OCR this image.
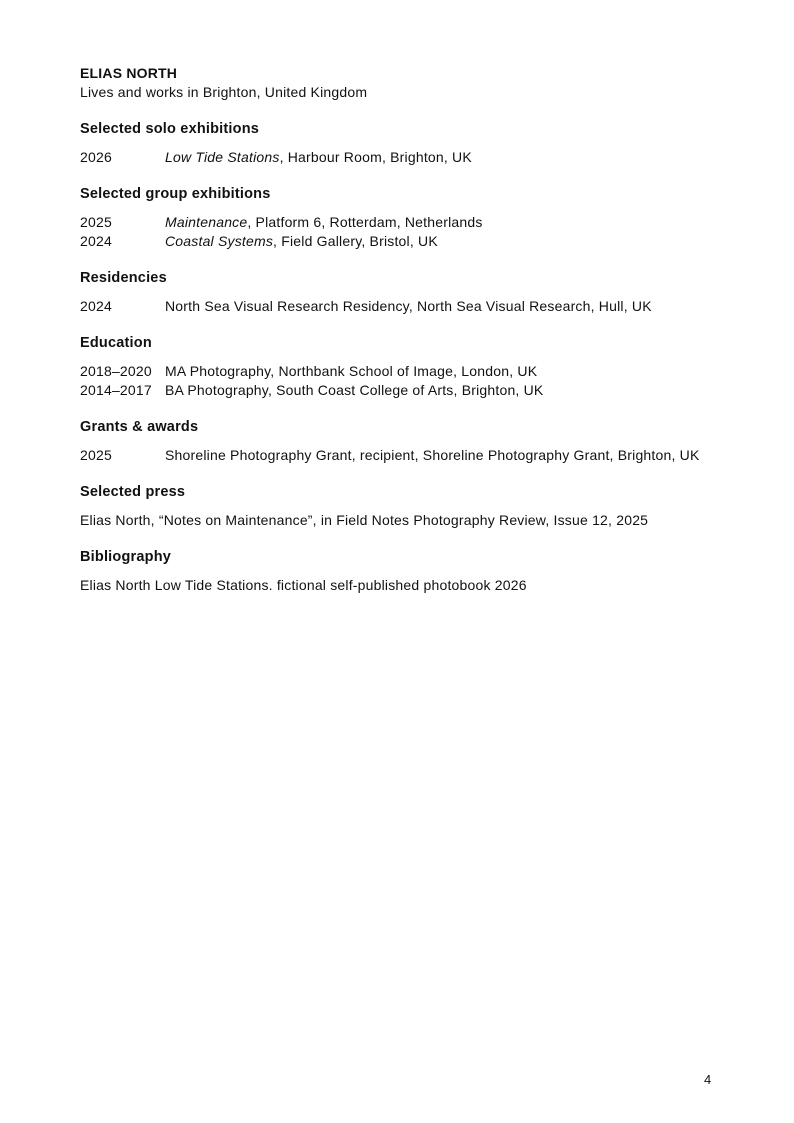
ELIAS NORTH
Lives and works in Brighton, United Kingdom
Selected solo exhibitions
2026	Low Tide Stations, Harbour Room, Brighton, UK
Selected group exhibitions
2025	Maintenance, Platform 6, Rotterdam, Netherlands
2024	Coastal Systems, Field Gallery, Bristol, UK
Residencies
2024	North Sea Visual Research Residency, North Sea Visual Research, Hull, UK
Education
2018–2020 MA Photography, Northbank School of Image, London, UK
2014–2017 BA Photography, South Coast College of Arts, Brighton, UK
Grants & awards
2025	Shoreline Photography Grant, recipient, Shoreline Photography Grant, Brighton, UK
Selected press
Elias North, “Notes on Maintenance”, in Field Notes Photography Review, Issue 12, 2025
Bibliography
Elias North Low Tide Stations. fictional self-published photobook 2026
4
